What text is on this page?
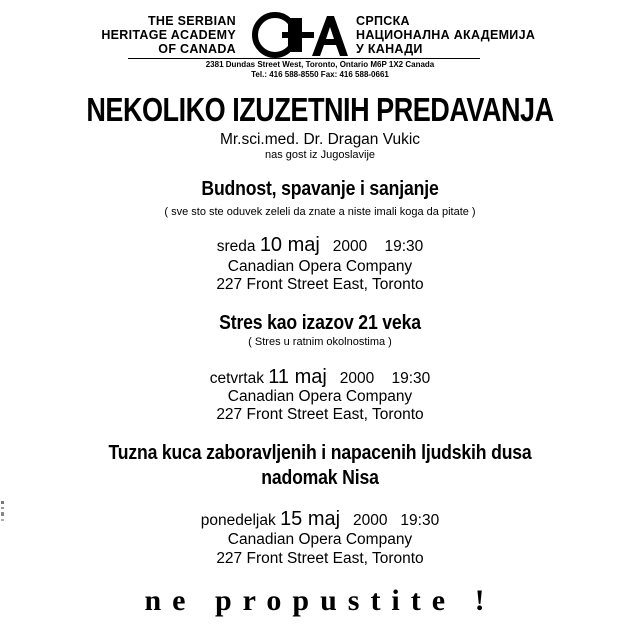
THE SERBIAN
HERITAGE ACADEMY
OF CANADA
СРПСКА
НАЦИОНАЛНА АКАДЕМИЈА
У КАНАДИ
2381 Dundas Street West, Toronto, Ontario M6P 1X2 Canada
Tel.: 416 588-8550 Fax: 416 588-0661
NEKOLIKO IZUZETNIH PREDAVANJA
Mr.sci.med. Dr. Dragan Vukic
nas gost iz Jugoslavije
Budnost, spavanje i sanjanje
( sve sto ste oduvek zeleli da znate a niste imali koga da pitate )
sreda 10 maj 2000 19:30
Canadian Opera Company
227 Front Street East, Toronto
Stres kao izazov 21 veka
( Stres u ratnim okolnostima )
cetvrtak 11 maj 2000 19:30
Canadian Opera Company
227 Front Street East, Toronto
Tuzna kuca zaboravljenih i napacenih ljudskih dusa
nadomak Nisa
ponedeljak 15 maj 2000 19:30
Canadian Opera Company
227 Front Street East, Toronto
ne propustite !
